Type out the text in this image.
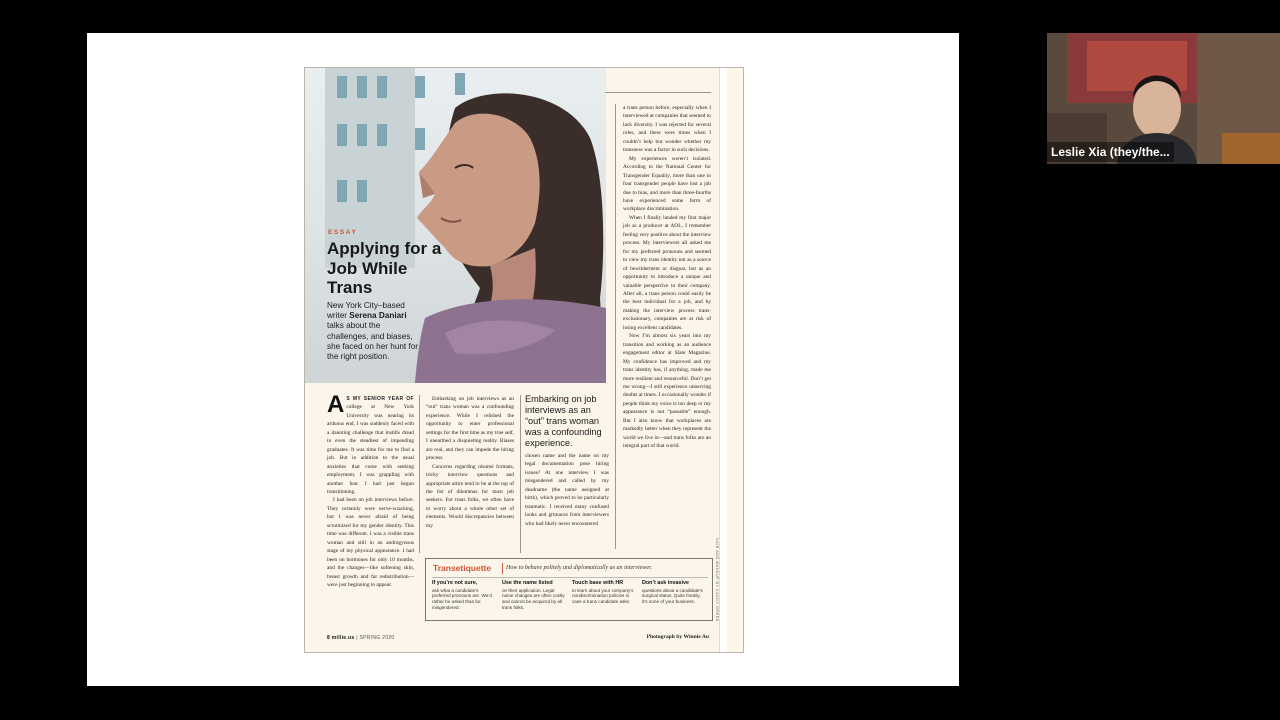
ESSAY
Applying for a Job While Trans
New York City–based writer Serena Daniari talks about the challenges, and biases, she faced on her hunt for the right position.

A S MY SENIOR YEAR OF college at New York University was nearing its arduous end, I was suddenly faced with a daunting challenge that instills dread in even the steadiest of impending graduates. It was time for me to find a job. But in addition to the usual anxieties that come with seeking employment, I was grappling with another fear. I had just begun transitioning.

I had been on job interviews before. They certainly were nerve-wracking, but I was never afraid of being scrutinized for my gender identity. This time was different. I was a visible trans woman and still in an androgynous stage of my physical appearance. I had been on hormones for only 10 months, and the changes—like softening skin, breast growth and fat redistribution—were just beginning to appear.

Embarking on job interviews as an “out” trans woman was a confounding experience. While I relished the opportunity to enter professional settings for the first time as my true self, I unearthed a disquieting reality. Biases are real, and they can impede the hiring process.

Concerns regarding résumé formats, tricky interview questions and appropriate attire tend to be at the top of the list of dilemmas for most job seekers. For trans folks, we often have to worry about a whole other set of elements. Would discrepancies between my

Embarking on job interviews as an “out” trans woman was a confounding experience.

chosen name and the name on my legal documentation pose hiring issues? At one interview I was misgendered and called by my deadname (the name assigned at birth), which proved to be particularly traumatic. I received many confused looks and grimaces from interviewers who had likely never encountered

a trans person before, especially when I interviewed at companies that seemed to lack diversity. I was rejected for several roles, and there were times when I couldn’t help but wonder whether my transness was a factor in such decisions.

My experiences weren’t isolated. According to the National Center for Transgender Equality, more than one in four transgender people have lost a job due to bias, and more than three-fourths have experienced some form of workplace discrimination.

When I finally landed my first major job as a producer at AOL, I remember feeling very positive about the interview process. My interviewers all asked me for my preferred pronouns and seemed to view my trans identity not as a source of bewilderment or disgust, but as an opportunity to introduce a unique and valuable perspective to their company. After all, a trans person could easily be the best individual for a job, and by making the interview process trans-exclusionary, companies are at risk of losing excellent candidates.

Now I’m almost six years into my transition and working as an audience engagement editor at Slate Magazine. My confidence has improved and my trans identity has, if anything, made me more resilient and resourceful. Don’t get me wrong—I still experience unnerving doubts at times. I occasionally wonder if people think my voice is too deep or my appearance is not “passable” enough. But I also know that workplaces are markedly better when they represent the world we live in—and trans folks are an integral part of that world.

Transetiquette How to behave politely and diplomatically as an interviewer.
If you’re not sure,
ask what a candidate’s preferred pronouns are. We’d rather be asked than be misgendered.
Use the name listed
on their application. Legal name changes are often costly and cannot be acquired by all trans folks.
Touch base with HR
to learn about your company’s nondiscrimination policies in case a trans candidate asks.
Don’t ask invasive
questions about a candidate’s surgical status. Quite frankly, it’s none of your business.	HAIR AND MAKEUP BY KADDY GREEN
8 millie.us | SPRING 2020	Photograph by Winnie Au
Leslie Xia (they/the...
